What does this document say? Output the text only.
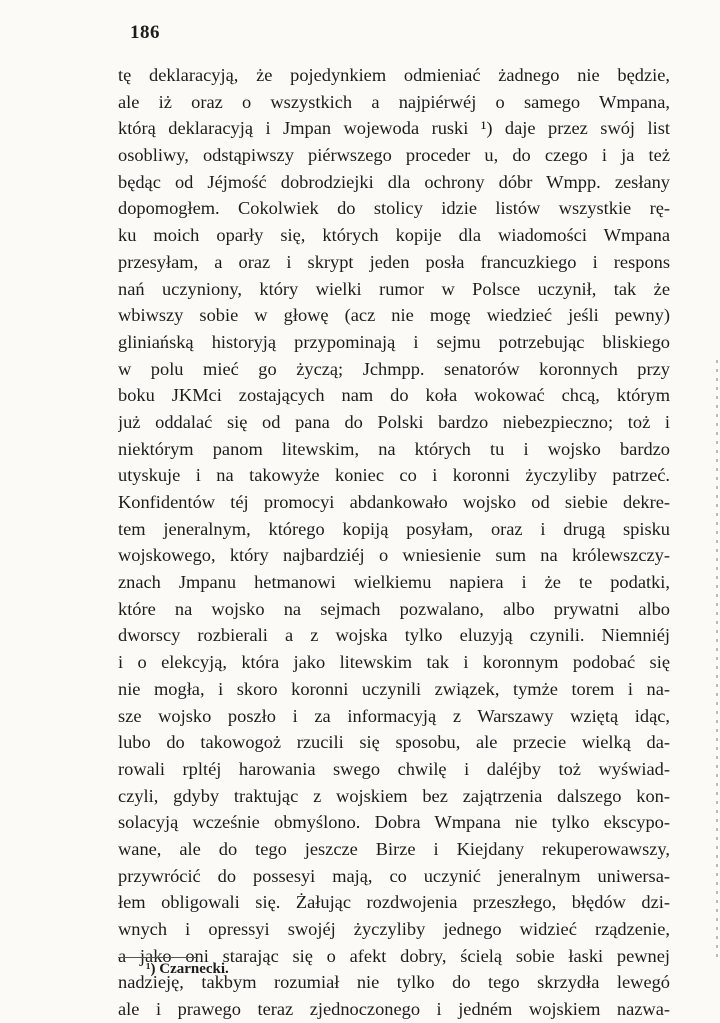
186
tę deklaracyją, że pojedynkiem odmieniać żadnego nie będzie,
ale iż oraz o wszystkich a najpiérwéj o samego Wmpana,
którą deklaracyją i Jmpan wojewoda ruski ¹) daje przez swój list
osobliwy, odstąpiwszy piérwszego proceder u, do czego i ja też
będąc od Jéjmość dobrodziejki dla ochrony dóbr Wmpp. zesłany
dopomogłem. Cokolwiek do stolicy idzie listów wszystkie rę-
ku moich oparły się, których kopije dla wiadomości Wmpana
przesyłam, a oraz i skrypt jeden posła francuzkiego i respons
nań uczyniony, który wielki rumor w Polsce uczynił, tak że
wbiwszy sobie w głowę (acz nie mogę wiedzieć jeśli pewny)
gliniańską historyją przypominają i sejmu potrzebując bliskiego
w polu mieć go życzą; Jchmpp. senatorów koronnych przy
boku JKMci zostających nam do koła wokować chcą, którym
już oddalać się od pana do Polski bardzo niebezpieczno; toż i
niektórym panom litewskim, na których tu i wojsko bardzo
utyskuje i na takowyże koniec co i koronni życzyliby patrzeć.
Konfidentów téj promocyi abdankowało wojsko od siebie dekre-
tem jeneralnym, którego kopiją posyłam, oraz i drugą spisku
wojskowego, który najbardziéj o wniesienie sum na królewszczy-
znach Jmpanu hetmanowi wielkiemu napiera i że te podatki,
które na wojsko na sejmach pozwalano, albo prywatni albo
dworscy rozbierali a z wojska tylko eluzyją czynili. Niemniéj
i o elekcyją, która jako litewskim tak i koronnym podobać się
nie mogła, i skoro koronni uczynili związek, tymże torem i na-
sze wojsko poszło i za informacyją z Warszawy wziętą idąc,
lubo do takowogoż rzucili się sposobu, ale przecie wielką da-
rowali rpltéj harowania swego chwilę i daléjby toż wyświad-
czyli, gdyby traktując z wojskiem bez zajątrzenia dalszego kon-
solacyją wcześnie obmyślono. Dobra Wmpana nie tylko ekscypo-
wane, ale do tego jeszcze Birze i Kiejdany rekuperowawszy,
przywrócić do possesyi mają, co uczynić jeneralnym uniwersa-
łem obligowali się. Żałując rozdwojenia przeszłego, błędów dzi-
wnych i opressyi swojéj życzyliby jednego widzieć rządzenie,
a jako oni starając się o afekt dobry, ścielą sobie łaski pewnej
nadzieję, takbym rozumiał nie tylko do tego skrzydła lewegó
ale i prawego teraz zjednoczonego i jedném wojskiem nazwa-
¹) Czarnecki.
